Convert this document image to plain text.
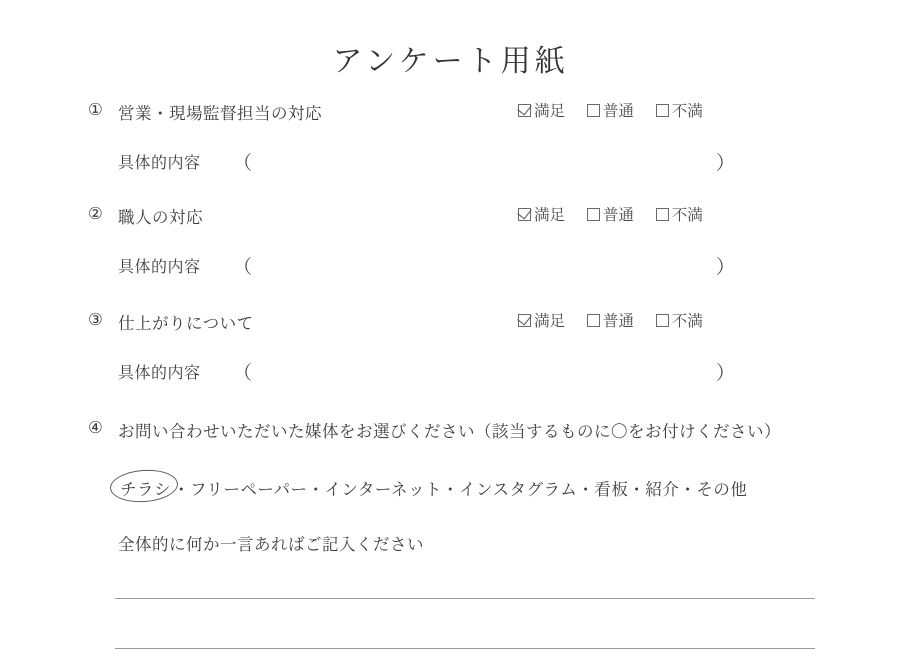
アンケート用紙
① 営業・現場監督担当の対応	満足 普通 不満
具体的内容 （	）
② 職人の対応	満足 普通 不満
具体的内容 （	）
③ 仕上がりについて	満足 普通 不満
具体的内容 （	）
④ お問い合わせいただいた媒体をお選びください（該当するものに〇をお付けください）
チラシ ・フリーペーパー・インターネット・インスタグラム・看板・紹介・その他
全体的に何か一言あればご記入ください
